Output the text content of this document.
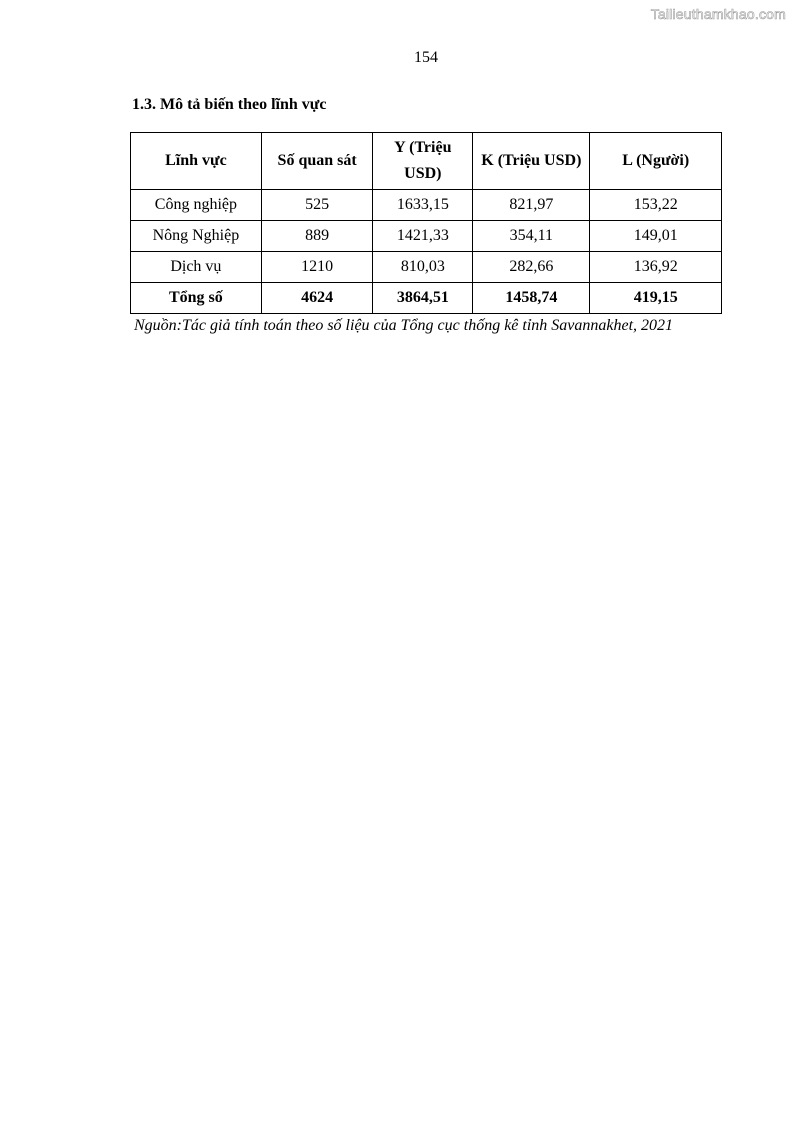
Tailieuthamkhao.com
154
1.3. Mô tả biến theo lĩnh vực
Lĩnh vực	Số quan sát	Y (Triệu USD)	K (Triệu USD)	L (Người)
Công nghiệp	525	1633,15	821,97	153,22
Nông Nghiệp	889	1421,33	354,11	149,01
Dịch vụ	1210	810,03	282,66	136,92
Tổng số	4624	3864,51	1458,74	419,15
Nguồn:Tác giả tính toán theo số liệu của Tổng cục thống kê tỉnh Savannakhet, 2021
